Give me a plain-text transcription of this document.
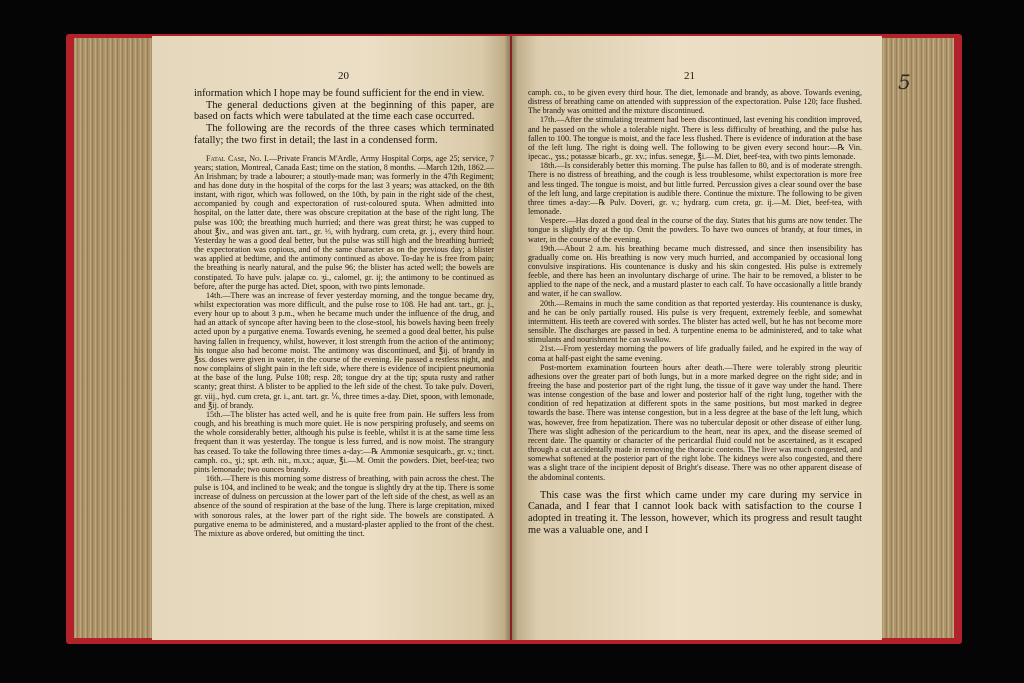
20

information which I hope may be found sufficient for the end in view.

The general deductions given at the beginning of this paper, are based on facts which were tabulated at the time each case occurred.

The following are the records of the three cases which terminated fatally; the two first in detail; the last in a condensed form.

Fatal Case, No. I.—Private Francis M'Ardle, Army Hospital Corps, age 25; service, 7 years; station, Montreal, Canada East; time on the station, 8 months. —March 12th, 1862.—An Irishman; by trade a labourer; a stoutly-made man; was formerly in the 47th Regiment; and has done duty in the hospital of the corps for the last 3 years; was attacked, on the 8th instant, with rigor, which was followed, on the 10th, by pain in the right side of the chest, accompanied by cough and expectoration of rust-coloured sputa. When admitted into hospital, on the latter date, there was obscure crepitation at the base of the right lung. The pulse was 100; the breathing much hurried; and there was great thirst; he was cupped to about ℥iv., and was given ant. tart., gr. ⅓, with hydrarg. cum creta, gr. j., every third hour. Yesterday he was a good deal better, but the pulse was still high and the breathing hurried; the expectoration was copious, and of the same character as on the previous day; a blister was applied at bedtime, and the antimony continued as above. To-day he is free from pain; the breathing is nearly natural, and the pulse 96; the blister has acted well; the bowels are constipated. To have pulv. jalapæ co. ʒi., calomel, gr. ij; the antimony to be continued as before, after the purge has acted. Diet, spoon, with two pints lemonade.

14th.—There was an increase of fever yesterday morning, and the tongue became dry, whilst expectoration was more difficult, and the pulse rose to 108. He had ant. tart., gr. j., every hour up to about 3 p.m., when he became much under the influence of the drug, and had an attack of syncope after having been to the close-stool, his bowels having been freely acted upon by a purgative enema. Towards evening, he seemed a good deal better, his pulse having fallen in frequency, whilst, however, it lost strength from the action of the antimony; his tongue also had become moist. The antimony was discontinued, and ℥ij. of brandy in ℥ss. doses were given in water, in the course of the evening. He passed a restless night, and now complains of slight pain in the left side, where there is evidence of incipient pneumonia at the base of the lung. Pulse 108; resp. 28; tongue dry at the tip; sputa rusty and rather scanty; great thirst. A blister to be applied to the left side of the chest. To take pulv. Doveri, gr. viij., hyd. cum creta, gr. i., ant. tart. gr. ⅙, three times a-day. Diet, spoon, with lemonade, and ℥ij. of brandy.

15th.—The blister has acted well, and he is quite free from pain. He suffers less from cough, and his breathing is much more quiet. He is now perspiring profusely, and seems on the whole considerably better, although his pulse is feeble, whilst it is at the same time less frequent than it was yesterday. The tongue is less furred, and is now moist. The strangury has ceased. To take the following three times a-day:—℞ Ammoniæ sesquicarb., gr. v.; tinct. camph. co., ʒi.; spt. æth. nit., m.xx.; aquæ, ℥i.—M. Omit the powders. Diet, beef-tea; two pints lemonade; two ounces brandy.

16th.—There is this morning some distress of breathing, with pain across the chest. The pulse is 104, and inclined to be weak; and the tongue is slightly dry at the tip. There is some increase of dulness on percussion at the lower part of the left side of the chest, as well as an absence of the sound of respiration at the base of the lung. There is large crepitation, mixed with sonorous rales, at the lower part of the right side. The bowels are constipated. A purgative enema to be administered, and a mustard-plaster applied to the front of the chest. The mixture as above ordered, but omitting the tinct.

21

camph. co., to be given every third hour. The diet, lemonade and brandy, as above. Towards evening, distress of breathing came on attended with suppression of the expectoration. Pulse 120; face flushed. The brandy was omitted and the mixture discontinued.

17th.—After the stimulating treatment had been discontinued, last evening his condition improved, and he passed on the whole a tolerable night. There is less difficulty of breathing, and the pulse has fallen to 100. The tongue is moist, and the face less flushed. There is evidence of induration at the base of the left lung. The right is doing well. The following to be given every second hour:—℞ Vin. ipecac., ʒss.; potassæ bicarb., gr. xv.; infus. senegæ, ℥i.—M. Diet, beef-tea, with two pints lemonade.

18th.—Is considerably better this morning. The pulse has fallen to 80, and is of moderate strength. There is no distress of breathing, and the cough is less troublesome, whilst expectoration is more free and less tinged. The tongue is moist, and but little furred. Percussion gives a clear sound over the base of the left lung, and large crepitation is audible there. Continue the mixture. The following to be given three times a-day:—℞ Pulv. Doveri, gr. v.; hydrarg. cum creta, gr. ij.—M. Diet, beef-tea, with lemonade.

Vespere.—Has dozed a good deal in the course of the day. States that his gums are now tender. The tongue is slightly dry at the tip. Omit the powders. To have two ounces of brandy, at four times, in water, in the course of the evening.

19th.—About 2 a.m. his breathing became much distressed, and since then insensibility has gradually come on. His breathing is now very much hurried, and accompanied by occasional long convulsive inspirations. His countenance is dusky and his skin congested. His pulse is extremely feeble, and there has been an involuntary discharge of urine. The hair to be removed, a blister to be applied to the nape of the neck, and a mustard plaster to each calf. To have occasionally a little brandy and water, if he can swallow.

20th.—Remains in much the same condition as that reported yesterday. His countenance is dusky, and he can be only partially roused. His pulse is very frequent, extremely feeble, and somewhat intermittent. His teeth are covered with sordes. The blister has acted well, but he has not become more sensible. The discharges are passed in bed. A turpentine enema to be administered, and to take what stimulants and nourishment he can swallow.

21st.—From yesterday morning the powers of life gradually failed, and he expired in the way of coma at half-past eight the same evening.

Post-mortem examination fourteen hours after death.—There were tolerably strong pleuritic adhesions over the greater part of both lungs, but in a more marked degree on the right side; and in freeing the base and posterior part of the right lung, the tissue of it gave way under the hand. There was intense congestion of the base and lower and posterior half of the right lung, together with the condition of red hepatization at different spots in the same positions, but most marked in degree towards the base. There was intense congestion, but in a less degree at the base of the left lung, which was, however, free from hepatization. There was no tubercular deposit or other disease of either lung. There was slight adhesion of the pericardium to the heart, near its apex, and the disease seemed of recent date. The quantity or character of the pericardial fluid could not be ascertained, as it escaped through a cut accidentally made in removing the thoracic contents. The liver was much congested, and somewhat softened at the posterior part of the right lobe. The kidneys were also congested, and there was a slight trace of the incipient deposit of Bright's disease. There was no other apparent disease of the abdominal contents.

This case was the first which came under my care during my service in Canada, and I fear that I cannot look back with satisfaction to the course I adopted in treating it. The lesson, however, which its progress and result taught me was a valuable one, and I

5
